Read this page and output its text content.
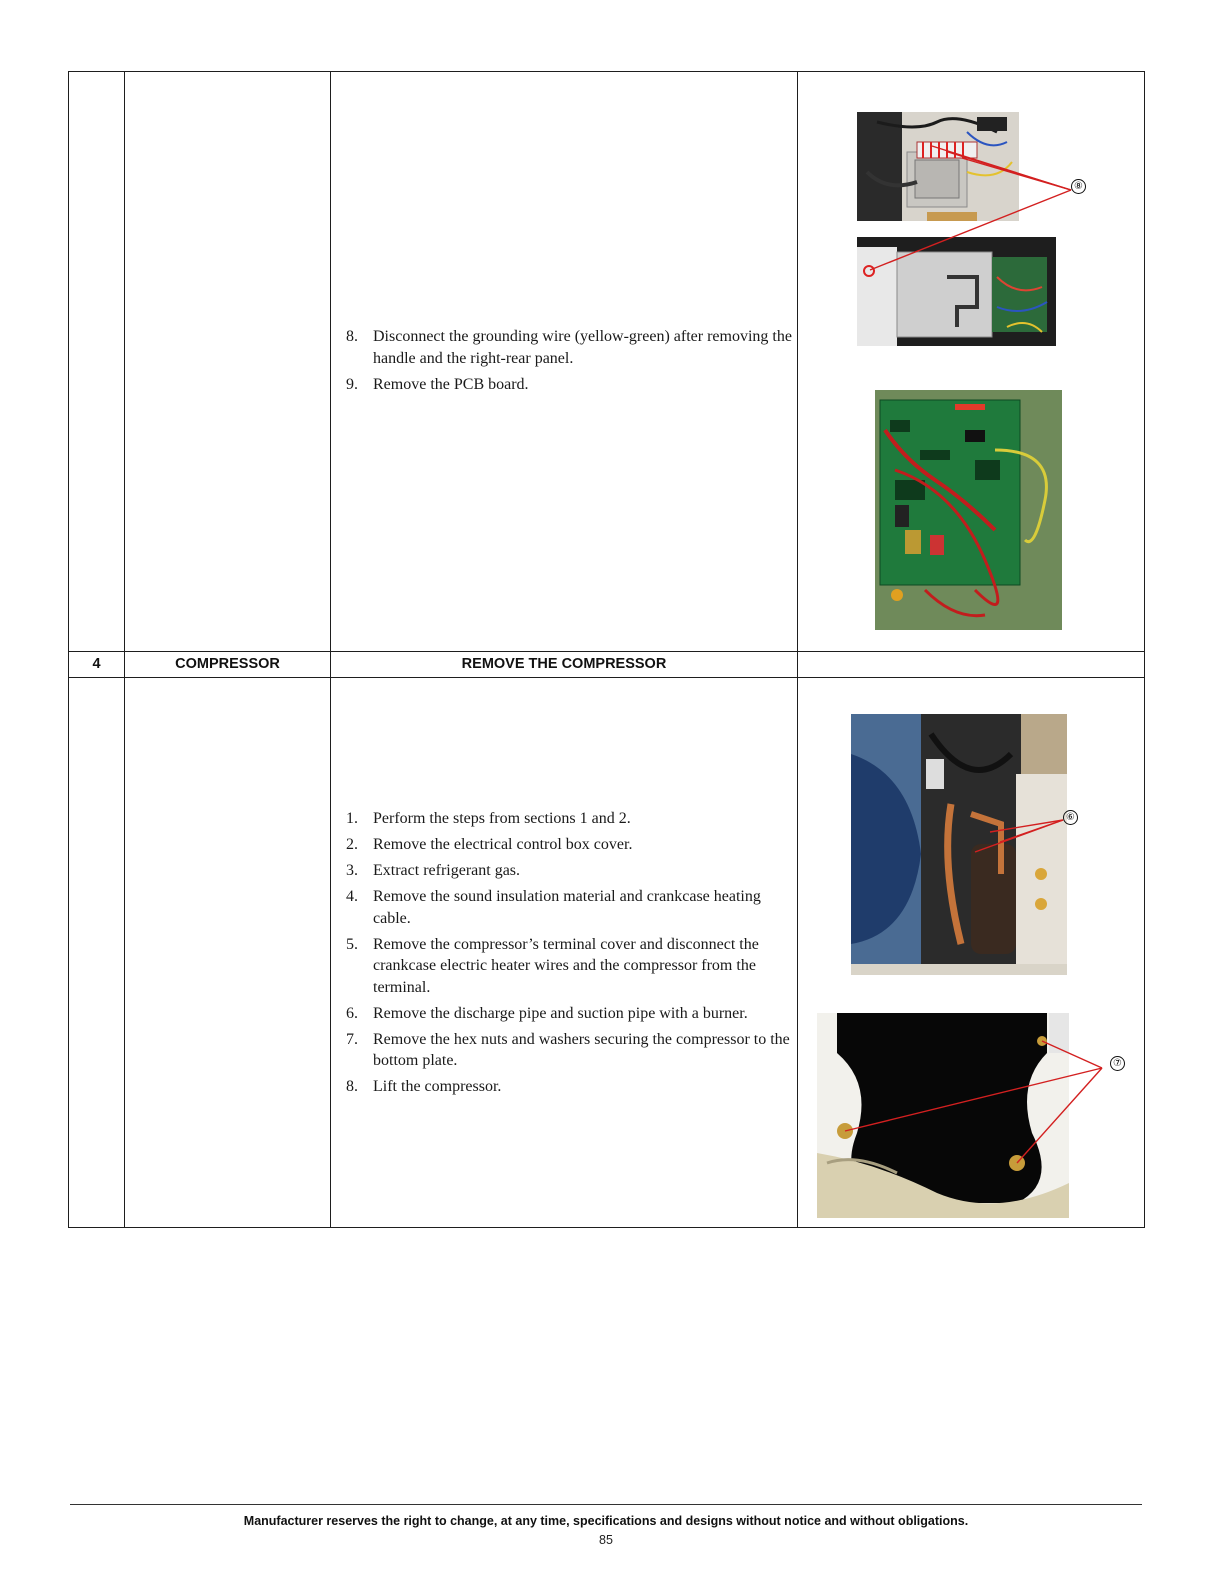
8. Disconnect the grounding wire (yellow-green) after removing the handle and the right-rear panel.
9. Remove the PCB board.
⑧
4	COMPRESSOR	REMOVE THE COMPRESSOR
1. Perform the steps from sections 1 and 2.
2. Remove the electrical control box cover.
3. Extract refrigerant gas.
4. Remove the sound insulation material and crankcase heating cable.
5. Remove the compressor’s terminal cover and disconnect the crankcase electric heater wires and the compressor from the terminal.
6. Remove the discharge pipe and suction pipe with a burner.
7. Remove the hex nuts and washers securing the compressor to the bottom plate.
8. Lift the compressor.
⑥
⑦
Manufacturer reserves the right to change, at any time, specifications and designs without notice and without obligations.
85
